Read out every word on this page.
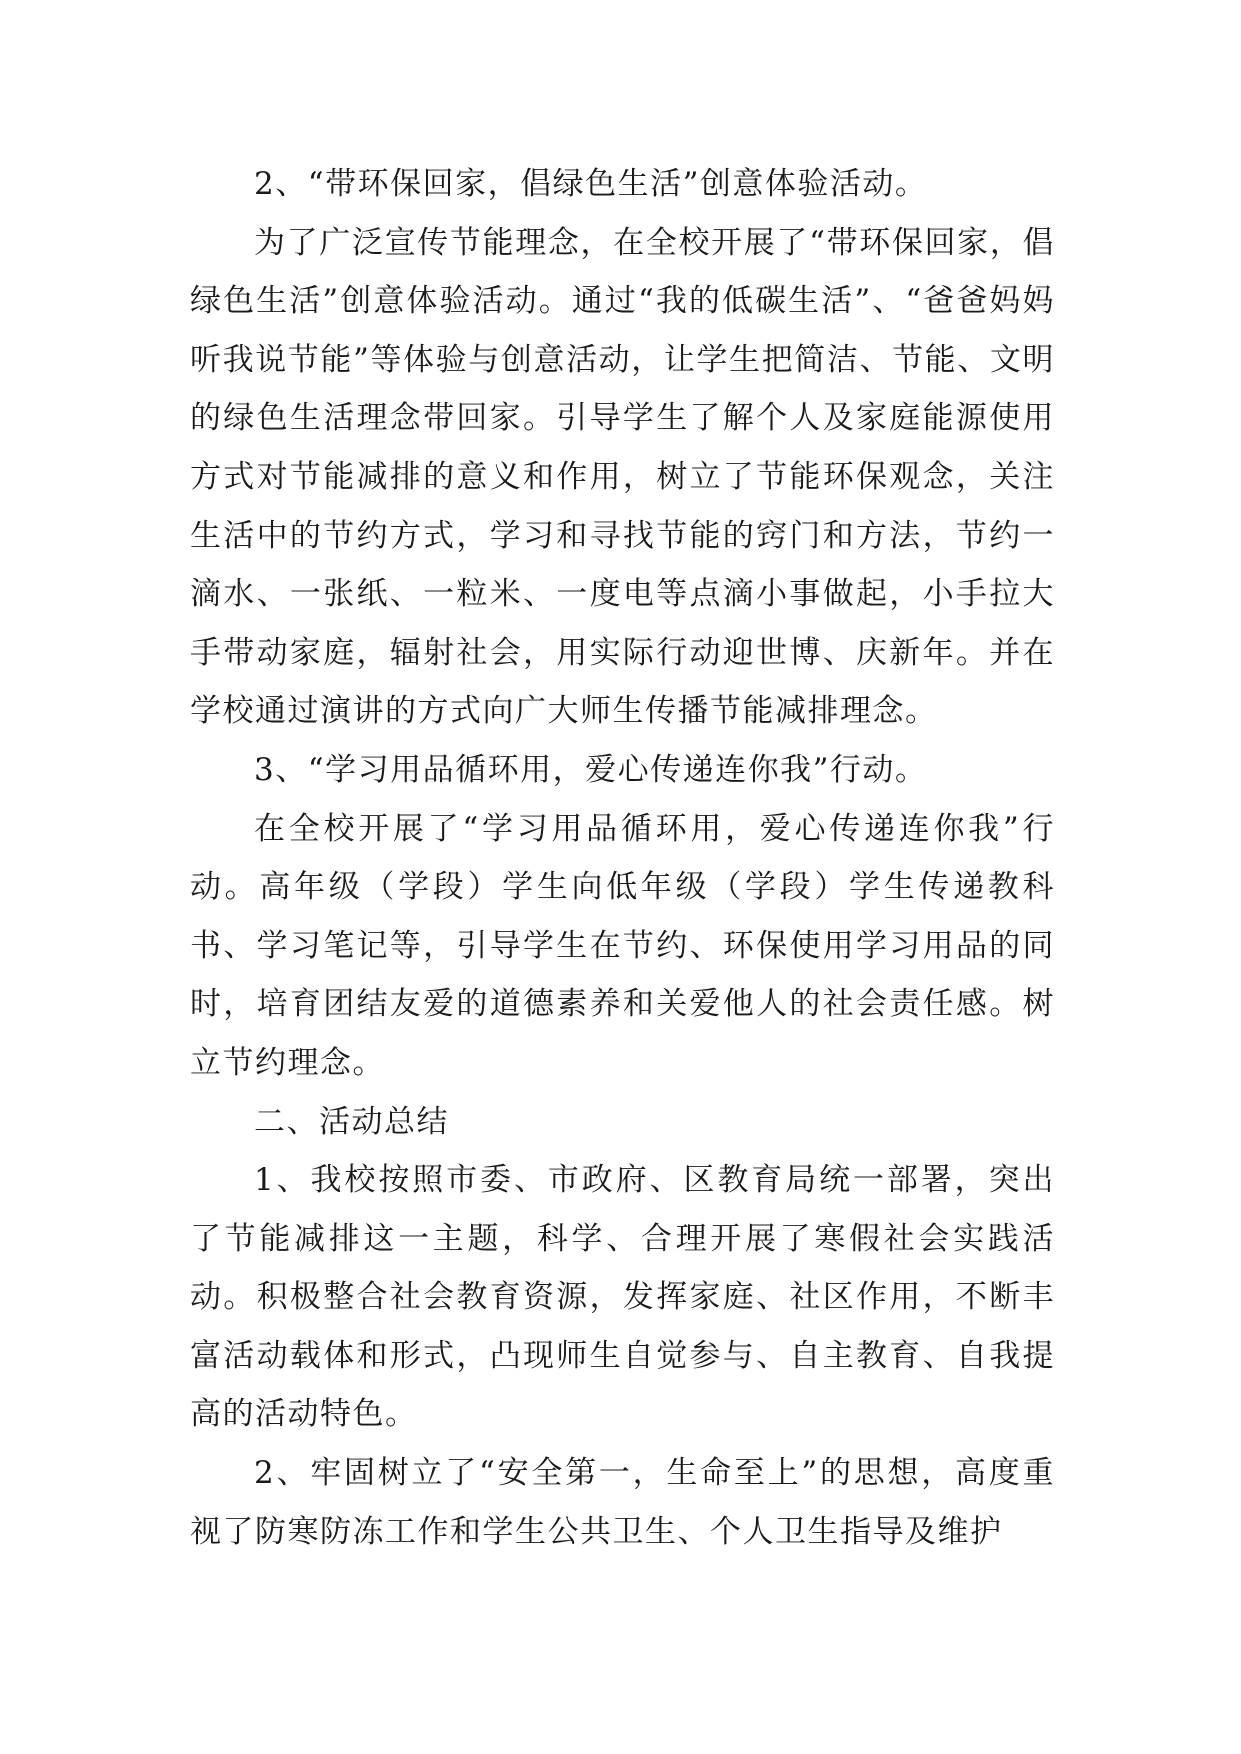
2、“带环保回家，倡绿色生活”创意体验活动。

为了广泛宣传节能理念，在全校开展了“带环保回家，倡绿色生活”创意体验活动。通过“我的低碳生活”、“爸爸妈妈听我说节能”等体验与创意活动，让学生把简洁、节能、文明的绿色生活理念带回家。引导学生了解个人及家庭能源使用方式对节能减排的意义和作用，树立了节能环保观念，关注生活中的节约方式，学习和寻找节能的窍门和方法，节约一滴水、一张纸、一粒米、一度电等点滴小事做起，小手拉大手带动家庭，辐射社会，用实际行动迎世博、庆新年。并在学校通过演讲的方式向广大师生传播节能减排理念。

3、“学习用品循环用，爱心传递连你我”行动。

在全校开展了“学习用品循环用，爱心传递连你我”行动。高年级（学段）学生向低年级（学段）学生传递教科书、学习笔记等，引导学生在节约、环保使用学习用品的同时，培育团结友爱的道德素养和关爱他人的社会责任感。树立节约理念。

二、活动总结

1、我校按照市委、市政府、区教育局统一部署，突出了节能减排这一主题，科学、合理开展了寒假社会实践活动。积极整合社会教育资源，发挥家庭、社区作用，不断丰富活动载体和形式，凸现师生自觉参与、自主教育、自我提高的活动特色。

2、牢固树立了“安全第一，生命至上”的思想，高度重视了防寒防冻工作和学生公共卫生、个人卫生指导及维护
